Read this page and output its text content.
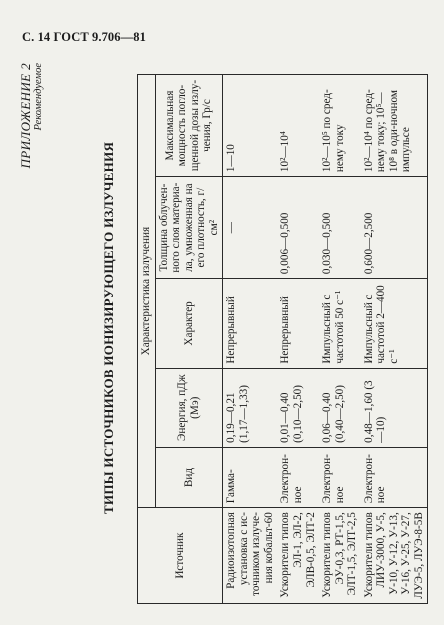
С. 14 ГОСТ 9.706—81
ПРИЛОЖЕНИЕ 2 Рекомендуемое
ТИПЫ ИСТОЧНИКОВ ИОНИЗИРУЮЩЕГО ИЗЛУЧЕНИЯ
Источник	Характеристика излучения				
	Вид	Энергия, пДж (Мэ)	Характер	Толщина облучен-ного слоя материа-ла, умноженная на его плотность, г/см²	Максимальная мощность погло-щенной дозы излу-чения, Гр/с
Радиоизотопная установка с ис-точником излуче-ния кобальт-60	Гамма-	0,19—0,21 (1,17—1,33)	Непрерывный	—	1—10
Ускорители типов ЭЛ-1, ЭЛ-2, ЭЛВ-0,5, ЭЛТ-2	Электрон-ное	0,01—0,40 (0,10—2,50)	Непрерывный	0,006—0,500	10²—10⁴
Ускорители типов ЭУ-0,3, РТ-1,5, ЭЛТ-1,5, ЭЛТ-2,5	Электрон-ное	0,06—0,40 (0,40—2,50)	Импульсный с частотой 50 с⁻¹	0,030—0,500	10²—10⁵ по сред-нему току
Ускорители типов ЛИУ-3000, У-5, У-10, У-12, У-13, У-16, У-25, У-27, ЛУЭ-5, ЛУЭ-8-5В	Электрон-ное	0,48—1,60 (3—10)	Импульсный с частотой 2—400 с⁻¹	0,600—2,500	10²—10⁴ по сред-нему току; 10⁵—10⁸ в оди-ночном импульсе
